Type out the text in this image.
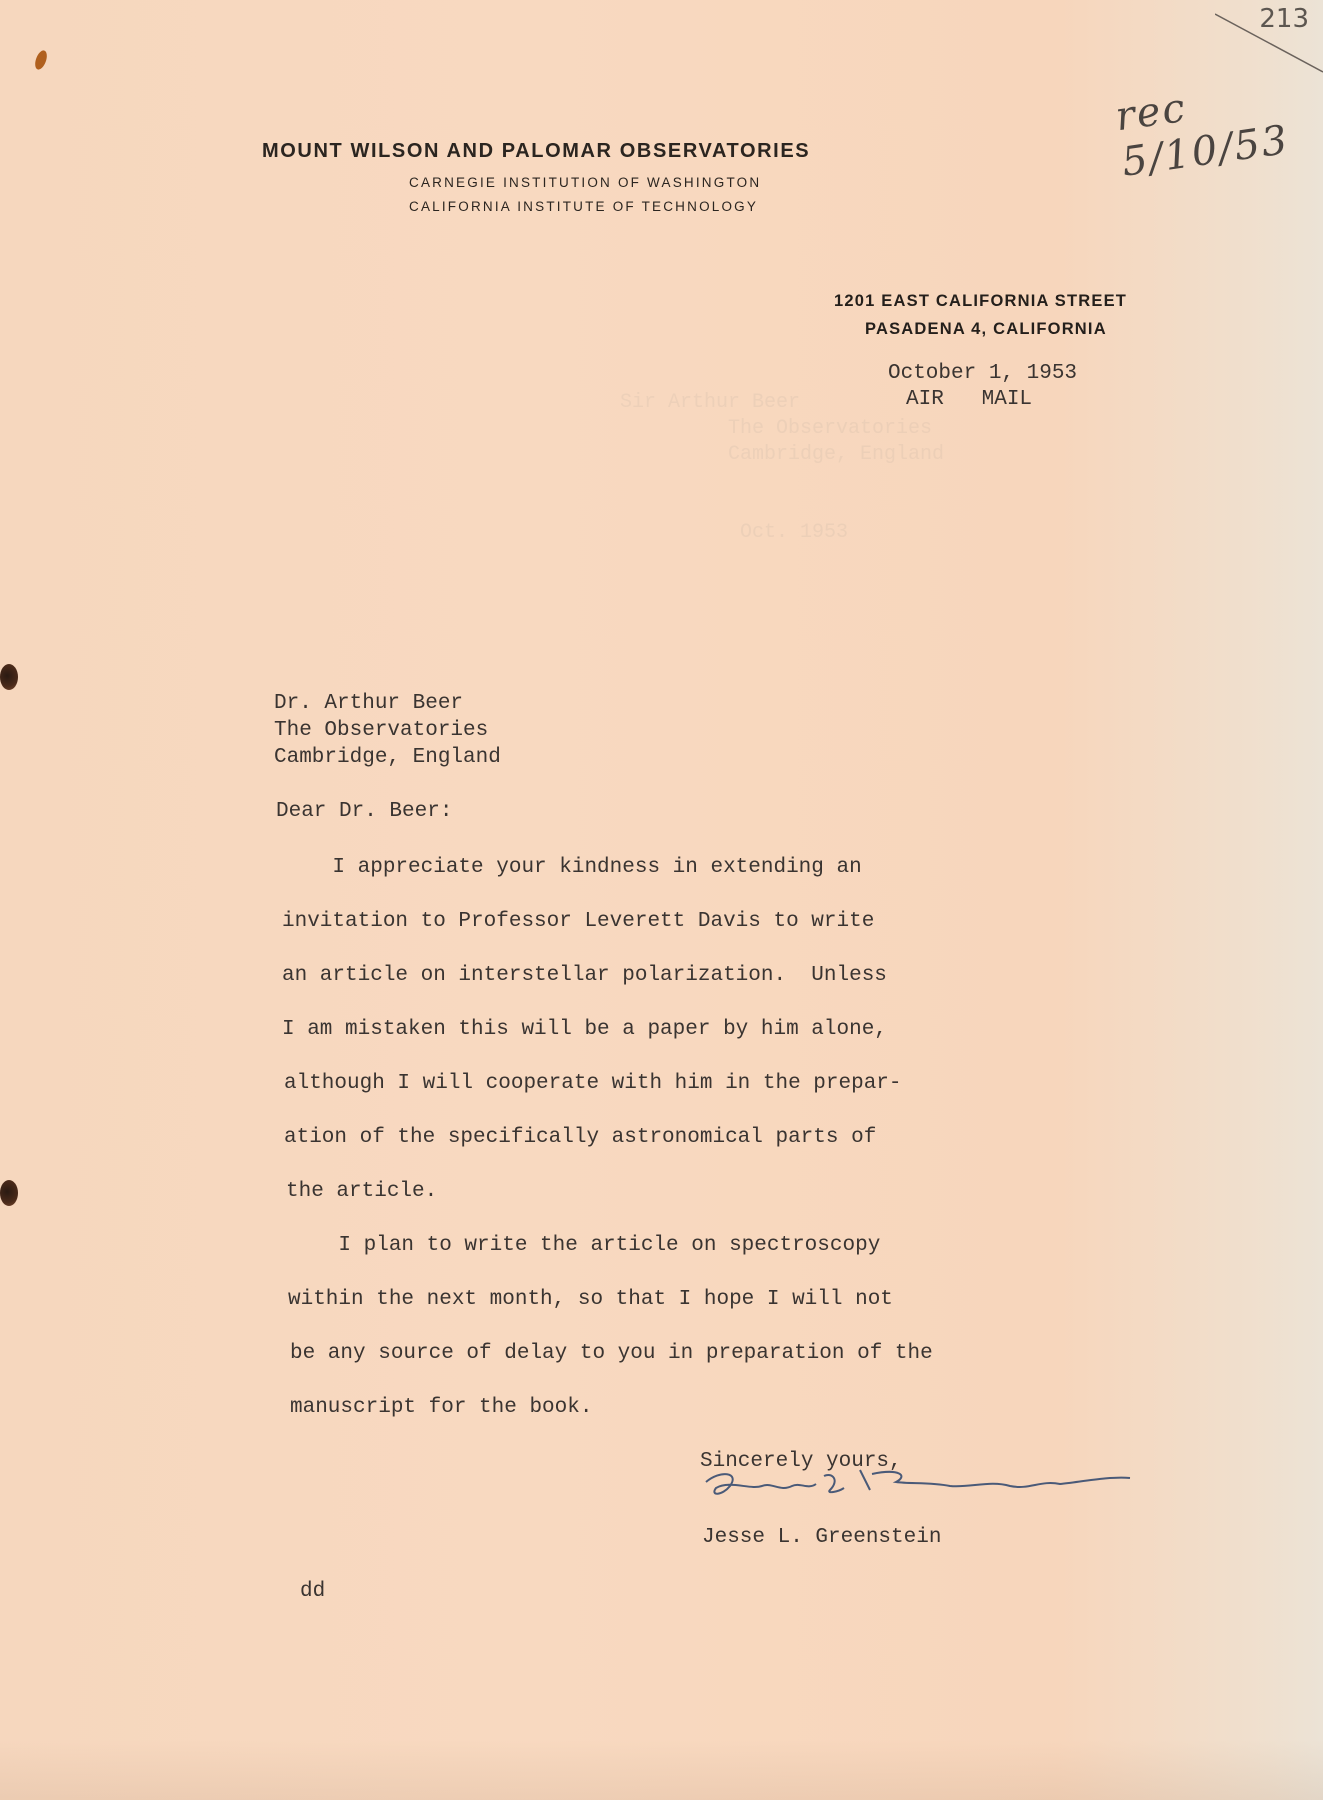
Sir Arthur Beer
The Observatories
Cambridge, England

Oct. 1953
213
rec 5/10/53
MOUNT WILSON AND PALOMAR OBSERVATORIES
CARNEGIE INSTITUTION OF WASHINGTON
CALIFORNIA INSTITUTE OF TECHNOLOGY
1201 EAST CALIFORNIA STREET
PASADENA 4, CALIFORNIA
October 1, 1953
AIR   MAIL
Dr. Arthur Beer
The Observatories
Cambridge, England
Dear Dr. Beer:
I appreciate your kindness in extending an
invitation to Professor Leverett Davis to write
an article on interstellar polarization.  Unless
I am mistaken this will be a paper by him alone,
although I will cooperate with him in the prepar-
ation of the specifically astronomical parts of
the article.
I plan to write the article on spectroscopy
within the next month, so that I hope I will not
be any source of delay to you in preparation of the
manuscript for the book.
Sincerely yours,
Jesse L. Greenstein
dd
